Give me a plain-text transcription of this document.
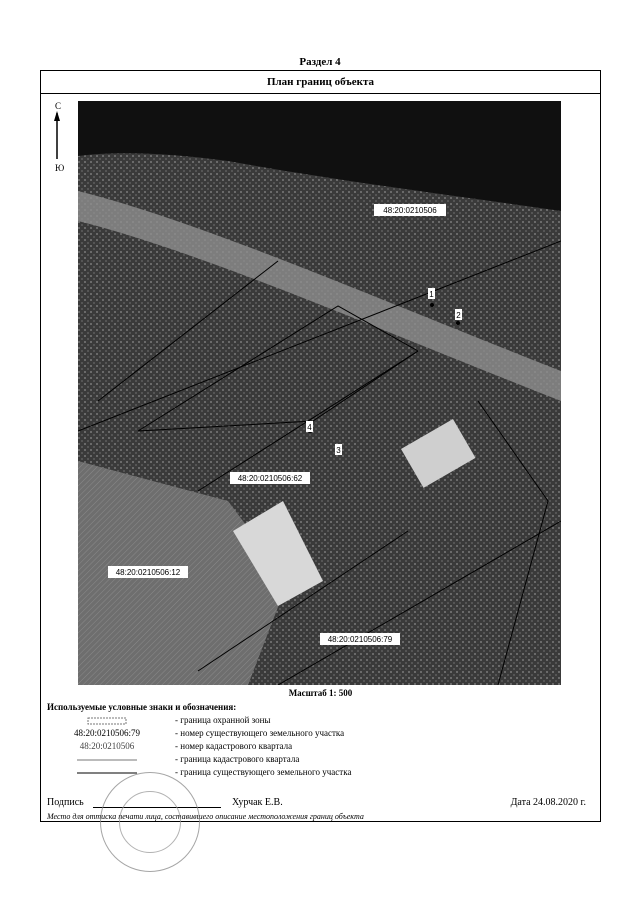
Раздел 4
План границ объекта
С
Ю
48:20:0210506
48:20:0210506:62
48:20:0210506:12
48:20:0210506:79
1
2
4
3
Масштаб 1: 500
Используемые условные знаки и обозначения:
- граница охранной зоны
48:20:0210506:79	- номер существующего земельного участка
48:20:0210506	- номер кадастрового квартала
- граница кадастрового квартала
- граница существующего земельного участка
Подпись	Хурчак Е.В.	Дата 24.08.2020 г.
Место для оттиска печати лица, составившего описание местоположения границ объекта
